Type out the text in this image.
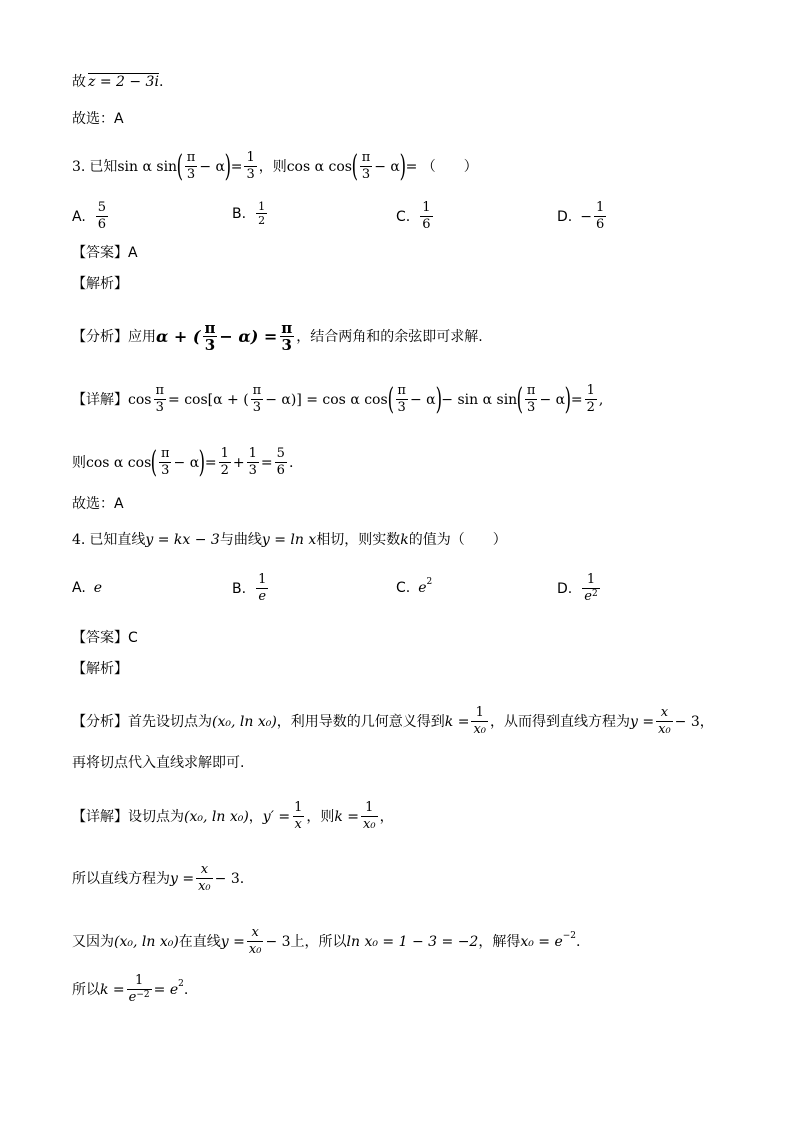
故 z = 2 − 3i .
故选：A
3. 已知 sin α sin ( $\frac{\pi}{3} - \alpha$ ) = $\frac{1}{3}$ ，则 cos α cos ( $\frac{\pi}{3} - \alpha$ ) = （　　）
A. $\frac{5}{6}$	B. $\frac{1}{2}$	C. $\frac{1}{6}$	D. − $\frac{1}{6}$
【答案】 A
【解析】
【分析】 应用 α + ( $\frac{\pi}{3} - \alpha) = \frac{\pi}{3}$ ，结合两角和的余弦即可求解.
【详解】 $\cos \frac{\pi}{3} = \cos[\alpha$ + ( $\frac{\pi}{3} - \alpha)] = \cos \alpha$ cos ( $\frac{\pi}{3} - \alpha$ ) − sin α sin ( $\frac{\pi}{3} - \alpha$ ) = $\frac{1}{2}$ ,
则 cos α cos ( $\frac{\pi}{3} - \alpha$ ) = $\frac{1}{2} + \frac{1}{3} = \frac{5}{6}$ .
故选：A
4. 已知直线 y = kx − 3 与曲线 y = ln x 相切，则实数 k 的值为（　　）
A. e	B. $\frac{1}{e}$	C. e 2	D. $\frac{1}{e^2}$
【答案】 C
【解析】
【分析】 首先设切点为 (x₀, ln x₀) ，利用导数的几何意义得到 $k = \frac{1}{\text{x₀}}$ ，从而得到直线方程为 $y = \frac{x}{\text{x₀}} - 3$ ，
再将切点代入直线求解即可.
【详解】 设切点为 (x₀, ln x₀) ， $y' = \frac{1}{x}$ ，则 $k = \frac{1}{\text{x₀}}$ ，
所以直线方程为 $y = \frac{x}{\text{x₀}} - 3$ .
又因为 (x₀, ln x₀) 在直线 $y = \frac{x}{\text{x₀}} - 3$ 上，所以 ln x₀ = 1 − 3 = −2 ，解得 x₀ = e −2 .
所以 $k = \frac{1}{e^{-2}} = e$ 2 .
